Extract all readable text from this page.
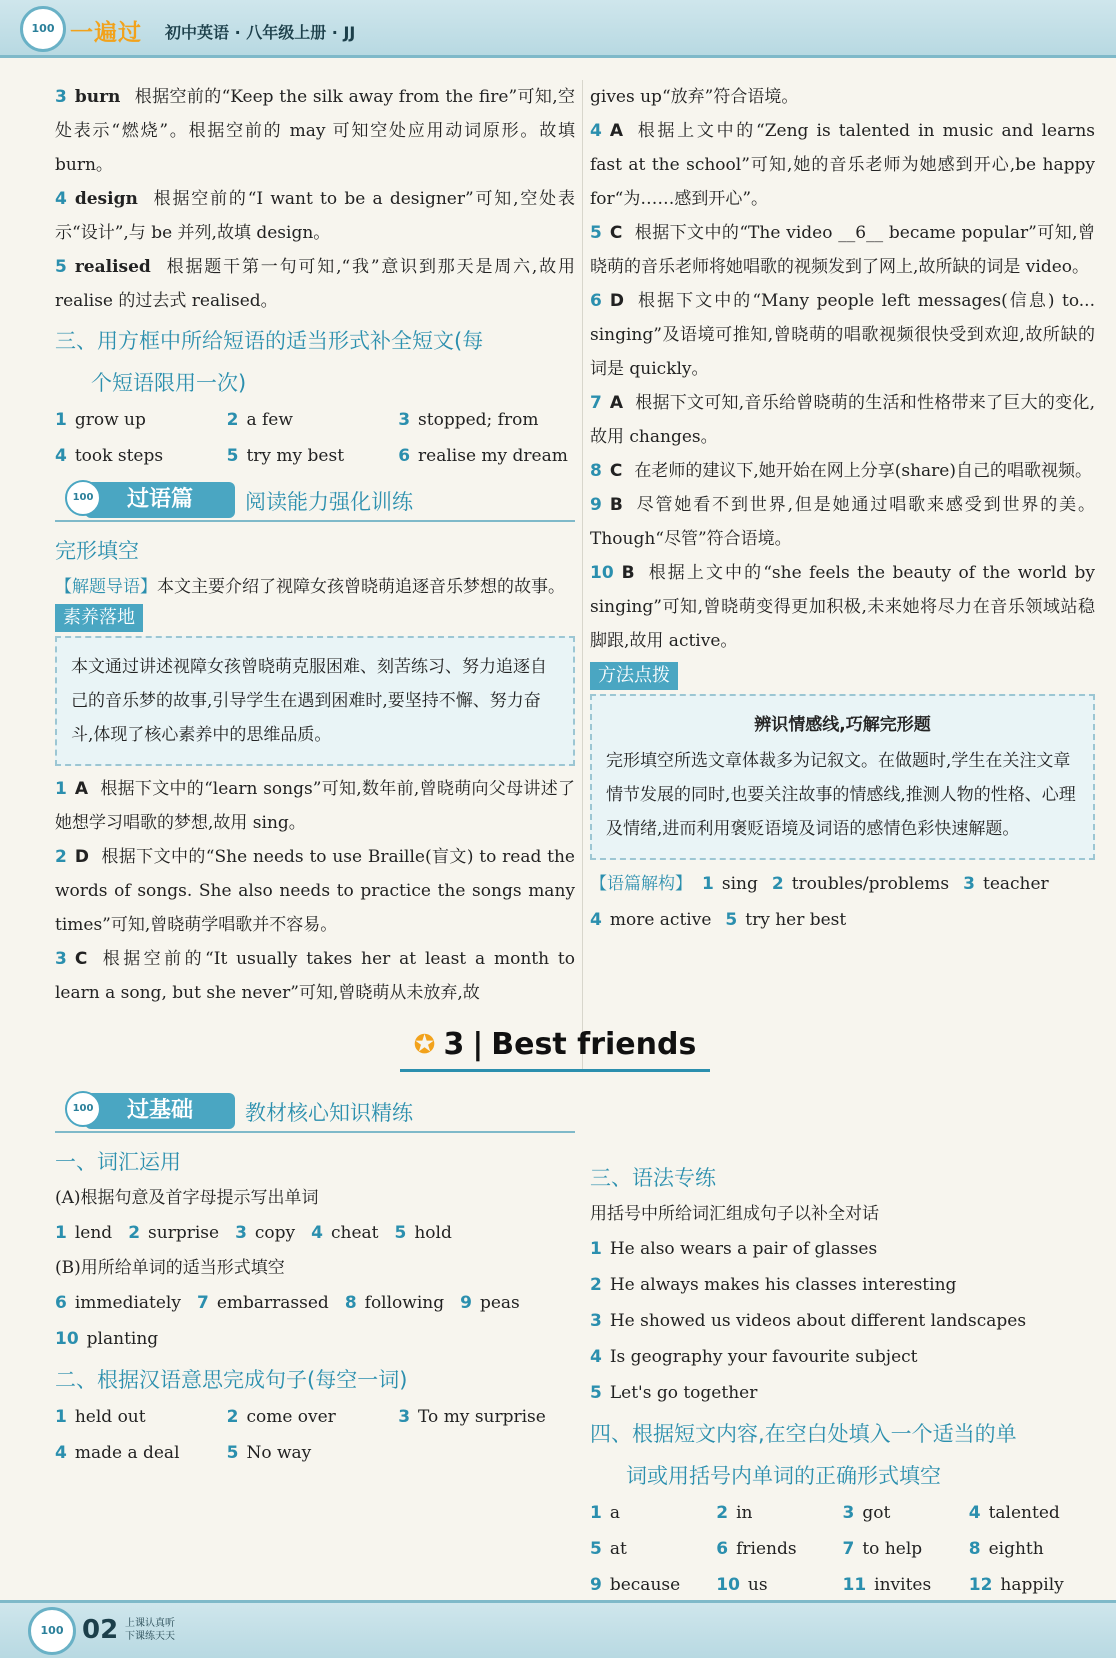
100 一遍过 初中英语 · 八年级上册 · JJ

3 burn 根据空前的“Keep the silk away from the fire”可知,空处表示“燃烧”。根据空前的 may 可知空处应用动词原形。故填 burn。

4 design 根据空前的“I want to be a designer”可知,空处表示“设计”,与 be 并列,故填 design。

5 realised 根据题干第一句可知,“我”意识到那天是周六,故用 realise 的过去式 realised。

三、用方框中所给短语的适当形式补全短文(每
个短语限用一次)
1 grow up	2 a few	3 stopped; from
4 took steps	5 try my best	6 realise my dream
过语篇
100	阅读能力强化训练
完形填空

【解题导语】本文主要介绍了视障女孩曾晓萌追逐音乐梦想的故事。

素养落地
本文通过讲述视障女孩曾晓萌克服困难、刻苦练习、努力追逐自己的音乐梦的故事,引导学生在遇到困难时,要坚持不懈、努力奋斗,体现了核心素养中的思维品质。

1 A 根据下文中的“learn songs”可知,数年前,曾晓萌向父母讲述了她想学习唱歌的梦想,故用 sing。

2 D 根据下文中的“She needs to use Braille(盲文) to read the words of songs. She also needs to practice the songs many times”可知,曾晓萌学唱歌并不容易。

3 C 根据空前的“It usually takes her at least a month to learn a song, but she never”可知,曾晓萌从未放弃,故

gives up“放弃”符合语境。

4 A 根据上文中的“Zeng is talented in music and learns fast at the school”可知,她的音乐老师为她感到开心,be happy for“为……感到开心”。

5 C 根据下文中的“The video __6__ became popular”可知,曾晓萌的音乐老师将她唱歌的视频发到了网上,故所缺的词是 video。

6 D 根据下文中的“Many people left messages(信息) to... singing”及语境可推知,曾晓萌的唱歌视频很快受到欢迎,故所缺的词是 quickly。

7 A 根据下文可知,音乐给曾晓萌的生活和性格带来了巨大的变化,故用 changes。

8 C 在老师的建议下,她开始在网上分享(share)自己的唱歌视频。

9 B 尽管她看不到世界,但是她通过唱歌来感受到世界的美。Though“尽管”符合语境。

10 B 根据上文中的“she feels the beauty of the world by singing”可知,曾晓萌变得更加积极,未来她将尽力在音乐领域站稳脚跟,故用 active。

方法点拨
辨识情感线,巧解完形题
完形填空所选文章体裁多为记叙文。在做题时,学生在关注文章情节发展的同时,也要关注故事的情感线,推测人物的性格、心理及情绪,进而利用褒贬语境及词语的感情色彩快速解题。
【语篇解构】 1 sing 2 troubles/problems 3 teacher
4 more active 5 try her best
✪ 3 | Best friends
过基础
100	教材核心知识精练
一、词汇运用
(A)根据句意及首字母提示写出单词
1 lend 2 surprise 3 copy 4 cheat 5 hold
(B)用所给单词的适当形式填空
6 immediately 7 embarrassed 8 following 9 peas
10 planting
二、根据汉语意思完成句子(每空一词)
1 held out	2 come over	3 To my surprise
4 made a deal	5 No way
三、语法专练
用括号中所给词汇组成句子以补全对话
1 He also wears a pair of glasses
2 He always makes his classes interesting
3 He showed us videos about different landscapes
4 Is geography your favourite subject
5 Let's go together
四、根据短文内容,在空白处填入一个适当的单
词或用括号内单词的正确形式填空
1 a	2 in	3 got	4 talented
5 at	6 friends	7 to help	8 eighth
9 because 10 us	11 invites 12 happily
100 02 上课认真听 下课练天天
